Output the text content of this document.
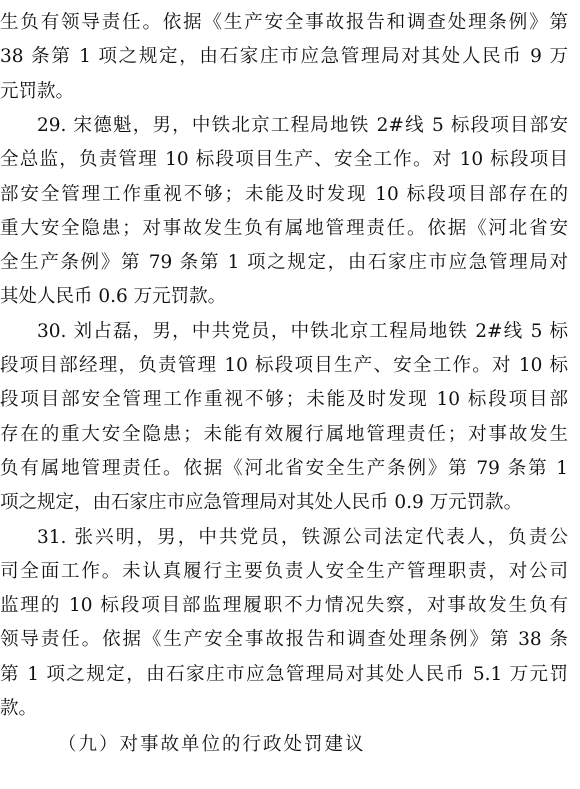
生负有领导责任。依据《生产安全事故报告和调查处理条例》第
38 条第 1 项之规定，由石家庄市应急管理局对其处人民币 9 万
元罚款。
29. 宋德魁，男，中铁北京工程局地铁 2#线 5 标段项目部安
全总监，负责管理 10 标段项目生产、安全工作。对 10 标段项目
部安全管理工作重视不够；未能及时发现 10 标段项目部存在的
重大安全隐患；对事故发生负有属地管理责任。依据《河北省安
全生产条例》第 79 条第 1 项之规定，由石家庄市应急管理局对
其处人民币 0.6 万元罚款。
30. 刘占磊，男，中共党员，中铁北京工程局地铁 2#线 5 标
段项目部经理，负责管理 10 标段项目生产、安全工作。对 10 标
段项目部安全管理工作重视不够；未能及时发现 10 标段项目部
存在的重大安全隐患；未能有效履行属地管理责任；对事故发生
负有属地管理责任。依据《河北省安全生产条例》第 79 条第 1
项之规定，由石家庄市应急管理局对其处人民币 0.9 万元罚款。
31. 张兴明，男，中共党员，铁源公司法定代表人，负责公
司全面工作。未认真履行主要负责人安全生产管理职责，对公司
监理的 10 标段项目部监理履职不力情况失察，对事故发生负有
领导责任。依据《生产安全事故报告和调查处理条例》第 38 条
第 1 项之规定，由石家庄市应急管理局对其处人民币 5.1 万元罚
款。
（九）对事故单位的行政处罚建议
